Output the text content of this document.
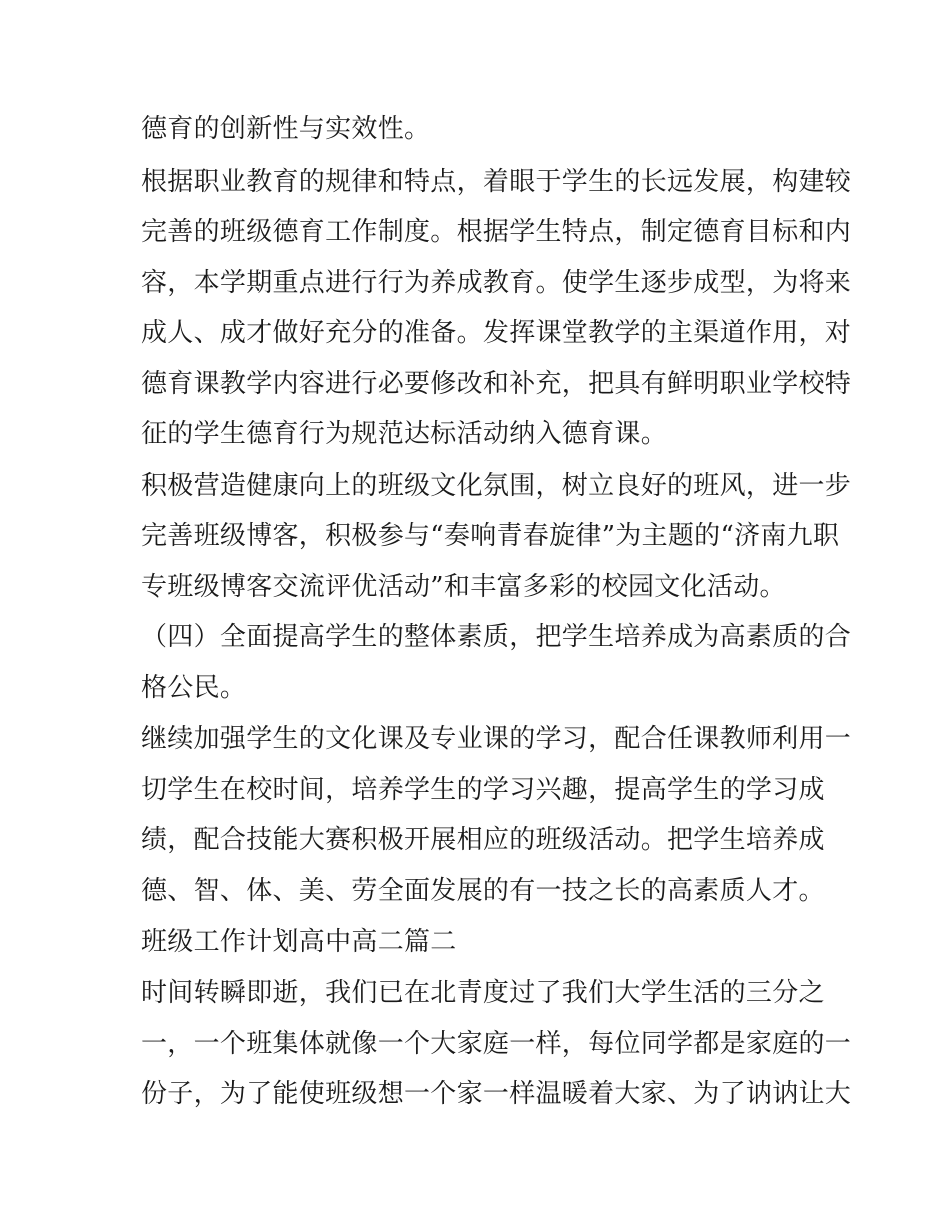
德育的创新性与实效性。
根据职业教育的规律和特点，着眼于学生的长远发展，构建较
完善的班级德育工作制度。根据学生特点，制定德育目标和内
容，本学期重点进行行为养成教育。使学生逐步成型，为将来
成人、成才做好充分的准备。发挥课堂教学的主渠道作用，对
德育课教学内容进行必要修改和补充，把具有鲜明职业学校特
征的学生德育行为规范达标活动纳入德育课。
积极营造健康向上的班级文化氛围，树立良好的班风，进一步
完善班级博客，积极参与“奏响青春旋律”为主题的“济南九职
专班级博客交流评优活动”和丰富多彩的校园文化活动。
（四）全面提高学生的整体素质，把学生培养成为高素质的合
格公民。
继续加强学生的文化课及专业课的学习，配合任课教师利用一
切学生在校时间，培养学生的学习兴趣，提高学生的学习成
绩，配合技能大赛积极开展相应的班级活动。把学生培养成
德、智、体、美、劳全面发展的有一技之长的高素质人才。
班级工作计划高中高二篇二
时间转瞬即逝，我们已在北青度过了我们大学生活的三分之
一，一个班集体就像一个大家庭一样，每位同学都是家庭的一
份子，为了能使班级想一个家一样温暖着大家、为了讷讷让大
